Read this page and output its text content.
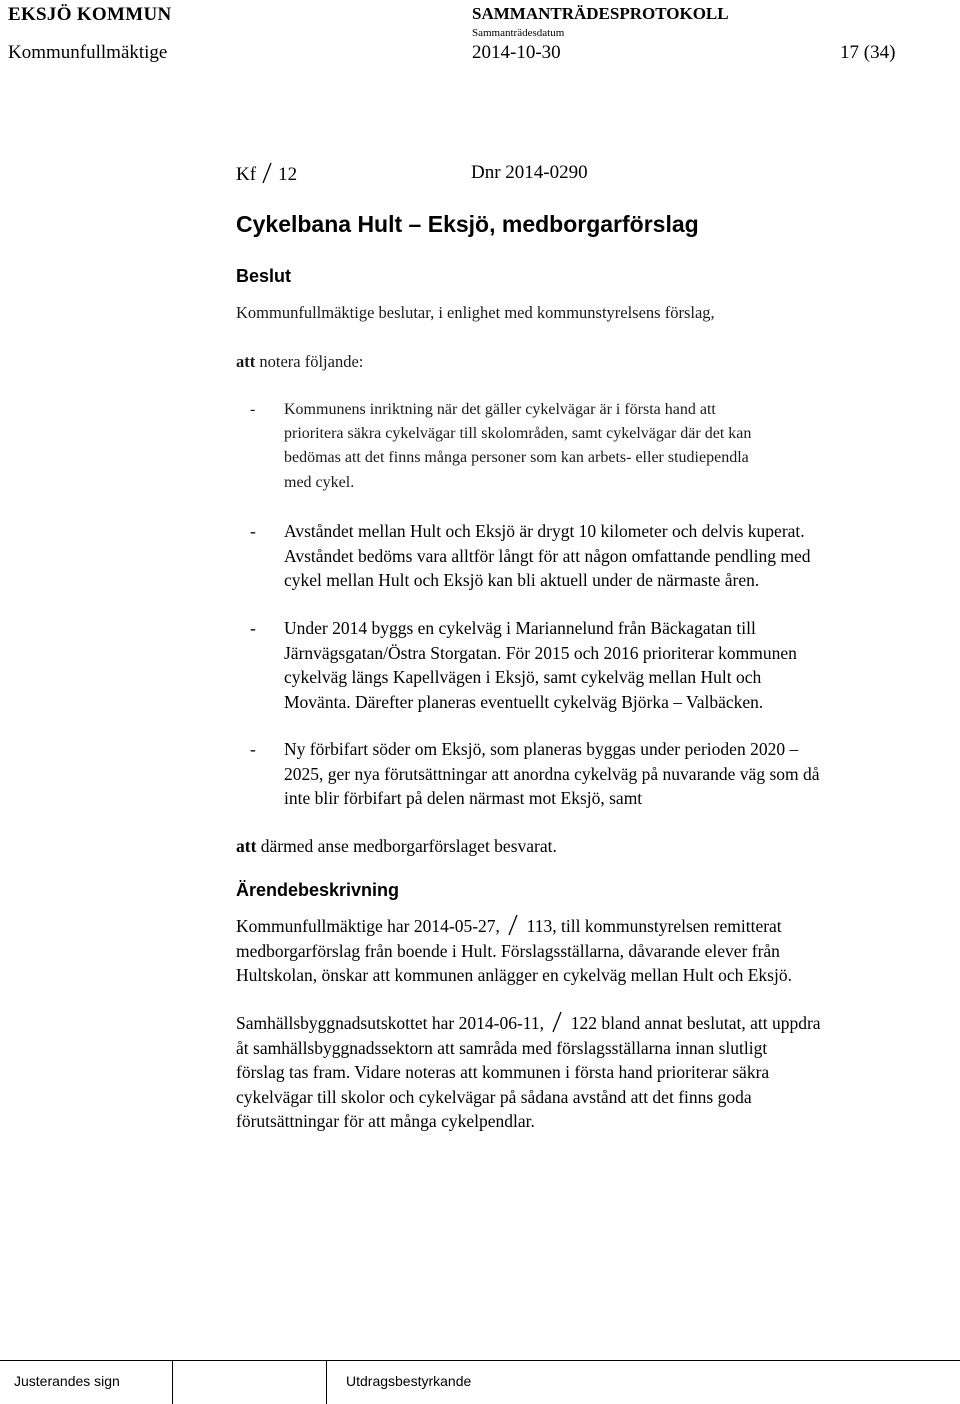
EKSJÖ KOMMUN	SAMMANTRÄDESPROTOKOLL
Sammanträdesdatum
Kommunfullmäktige	2014-10-30	17 (34)
Kf 12	Dnr 2014-0290
Cykelbana Hult – Eksjö, medborgarförslag
Beslut
Kommunfullmäktige beslutar, i enlighet med kommunstyrelsens förslag,
att notera följande:
- Kommunens inriktning när det gäller cykelvägar är i första hand att
prioritera säkra cykelvägar till skolområden, samt cykelvägar där det kan
bedömas att det finns många personer som kan arbets- eller studiependla
med cykel.
- Avståndet mellan Hult och Eksjö är drygt 10 kilometer och delvis kuperat.
Avståndet bedöms vara alltför långt för att någon omfattande pendling med
cykel mellan Hult och Eksjö kan bli aktuell under de närmaste åren.
- Under 2014 byggs en cykelväg i Mariannelund från Bäckagatan till
Järnvägsgatan/Östra Storgatan. För 2015 och 2016 prioriterar kommunen
cykelväg längs Kapellvägen i Eksjö, samt cykelväg mellan Hult och
Movänta. Därefter planeras eventuellt cykelväg Björka – Valbäcken.
- Ny förbifart söder om Eksjö, som planeras byggas under perioden 2020 –
2025, ger nya förutsättningar att anordna cykelväg på nuvarande väg som då
inte blir förbifart på delen närmast mot Eksjö, samt
att därmed anse medborgarförslaget besvarat.
Ärendebeskrivning
Kommunfullmäktige har 2014-05-27, 113, till kommunstyrelsen remitterat
medborgarförslag från boende i Hult. Förslagsställarna, dåvarande elever från
Hultskolan, önskar att kommunen anlägger en cykelväg mellan Hult och Eksjö.
Samhällsbyggnadsutskottet har 2014-06-11, 122 bland annat beslutat, att uppdra
åt samhällsbyggnadssektorn att samråda med förslagsställarna innan slutligt
förslag tas fram. Vidare noteras att kommunen i första hand prioriterar säkra
cykelvägar till skolor och cykelvägar på sådana avstånd att det finns goda
förutsättningar för att många cykelpendlar.
Justerandes sign	Utdragsbestyrkande
